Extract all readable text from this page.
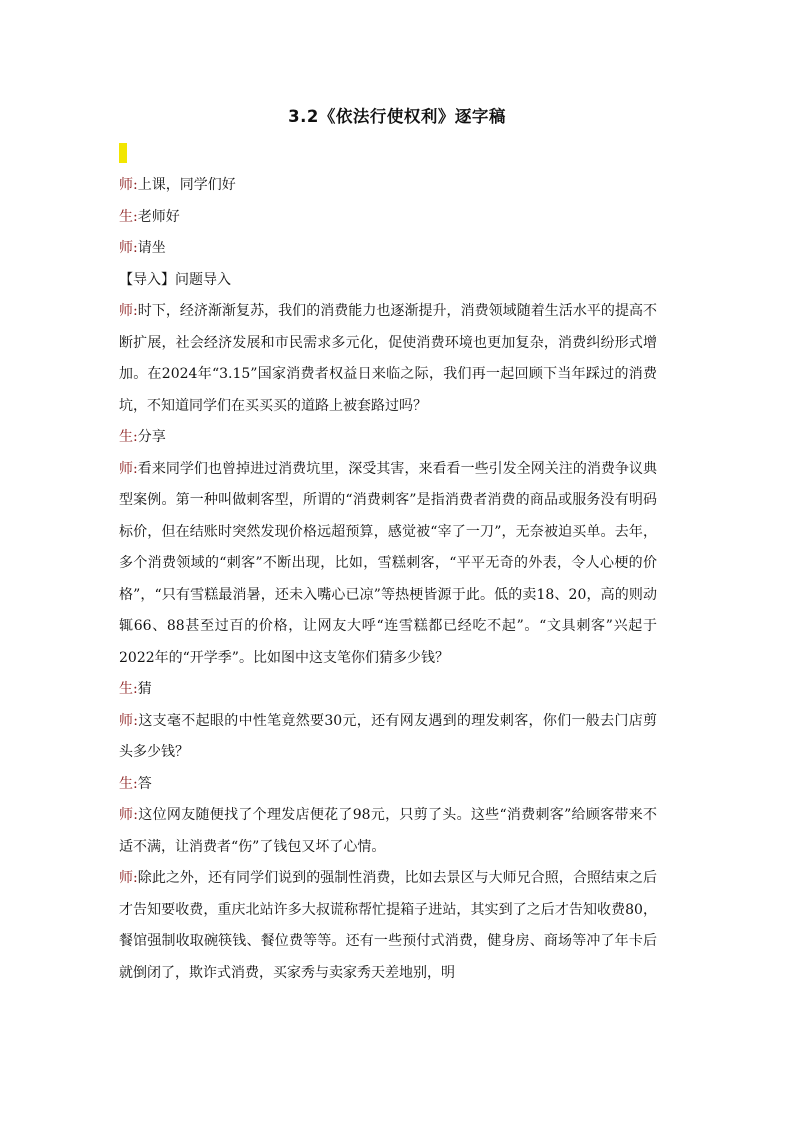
3.2《依法行使权利》逐字稿

师:上课，同学们好

生:老师好

师:请坐

【导入】问题导入

师:时下，经济渐渐复苏，我们的消费能力也逐渐提升，消费领域随着生活水平的提高不断扩展，社会经济发展和市民需求多元化，促使消费环境也更加复杂，消费纠纷形式增加。在2024年“3.15”国家消费者权益日来临之际，我们再一起回顾下当年踩过的消费坑，不知道同学们在买买买的道路上被套路过吗？

生:分享

师:看来同学们也曾掉进过消费坑里，深受其害，来看看一些引发全网关注的消费争议典型案例。第一种叫做刺客型，所谓的“消费刺客”是指消费者消费的商品或服务没有明码标价，但在结账时突然发现价格远超预算，感觉被“宰了一刀”，无奈被迫买单。去年，多个消费领域的“刺客”不断出现，比如，雪糕刺客，“平平无奇的外表，令人心梗的价格”，“只有雪糕最消暑，还未入嘴心已凉”等热梗皆源于此。低的卖18、20，高的则动辄66、88甚至过百的价格，让网友大呼“连雪糕都已经吃不起”。“文具刺客”兴起于2022年的“开学季”。比如图中这支笔你们猜多少钱？

生:猜

师:这支毫不起眼的中性笔竟然要30元，还有网友遇到的理发刺客，你们一般去门店剪头多少钱？

生:答

师:这位网友随便找了个理发店便花了98元，只剪了头。这些“消费刺客”给顾客带来不适不满，让消费者“伤”了钱包又坏了心情。

师:除此之外，还有同学们说到的强制性消费，比如去景区与大师兄合照，合照结束之后才告知要收费，重庆北站许多大叔谎称帮忙提箱子进站，其实到了之后才告知收费80，餐馆强制收取碗筷钱、餐位费等等。还有一些预付式消费，健身房、商场等冲了年卡后就倒闭了，欺诈式消费，买家秀与卖家秀天差地别，明
